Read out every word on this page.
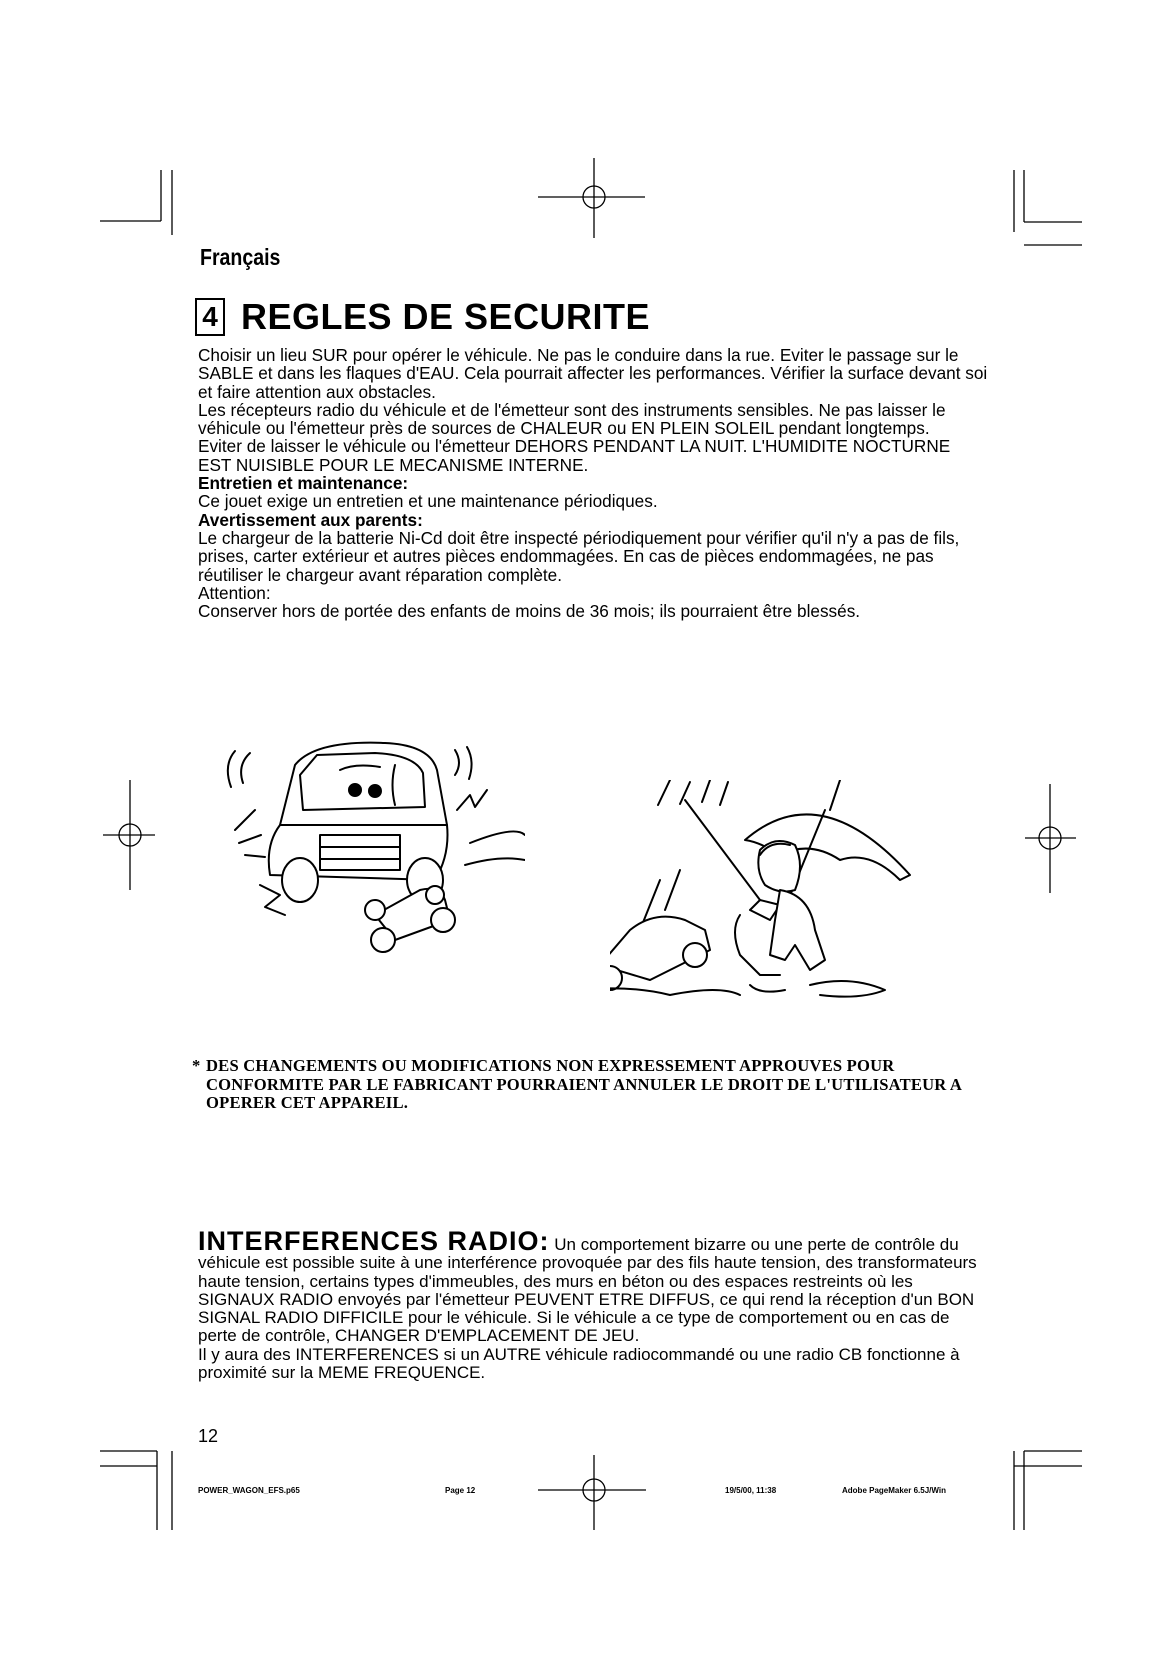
Français
4 REGLES DE SECURITE

Choisir un lieu SUR pour opérer le véhicule. Ne pas le conduire dans la rue. Eviter le passage sur le SABLE et dans les flaques d'EAU. Cela pourrait affecter les performances. Vérifier la surface devant soi et faire attention aux obstacles.

Les récepteurs radio du véhicule et de l'émetteur sont des instruments sensibles. Ne pas laisser le véhicule ou l'émetteur près de sources de CHALEUR ou EN PLEIN SOLEIL pendant longtemps.

Eviter de laisser le véhicule ou l'émetteur DEHORS PENDANT LA NUIT. L'HUMIDITE NOCTURNE EST NUISIBLE POUR LE MECANISME INTERNE.

Entretien et maintenance:

Ce jouet exige un entretien et une maintenance périodiques.

Avertissement aux parents:

Le chargeur de la batterie Ni-Cd doit être inspecté périodiquement pour vérifier qu'il n'y a pas de fils, prises, carter extérieur et autres pièces endommagées. En cas de pièces endommagées, ne pas réutiliser le chargeur avant réparation complète.

Attention:

Conserver hors de portée des enfants de moins de 36 mois; ils pourraient être blessés.

* DES CHANGEMENTS OU MODIFICATIONS NON EXPRESSEMENT APPROUVES POUR CONFORMITE PAR LE FABRICANT POURRAIENT ANNULER LE DROIT DE L'UTILISATEUR A OPERER CET APPAREIL.

INTERFERENCES RADIO: Un comportement bizarre ou une perte de contrôle du véhicule est possible suite à une interférence provoquée par des fils haute tension, des transformateurs haute tension, certains types d'immeubles, des murs en béton ou des espaces restreints où les SIGNAUX RADIO envoyés par l'émetteur PEUVENT ETRE DIFFUS, ce qui rend la réception d'un BON SIGNAL RADIO DIFFICILE pour le véhicule. Si le véhicule a ce type de comportement ou en cas de perte de contrôle, CHANGER D'EMPLACEMENT DE JEU.

Il y aura des INTERFERENCES si un AUTRE véhicule radiocommandé ou une radio CB fonctionne à proximité sur la MEME FREQUENCE.

12
POWER_WAGON_EFS.p65	Page 12	19/5/00, 11:38	Adobe PageMaker 6.5J/Win
